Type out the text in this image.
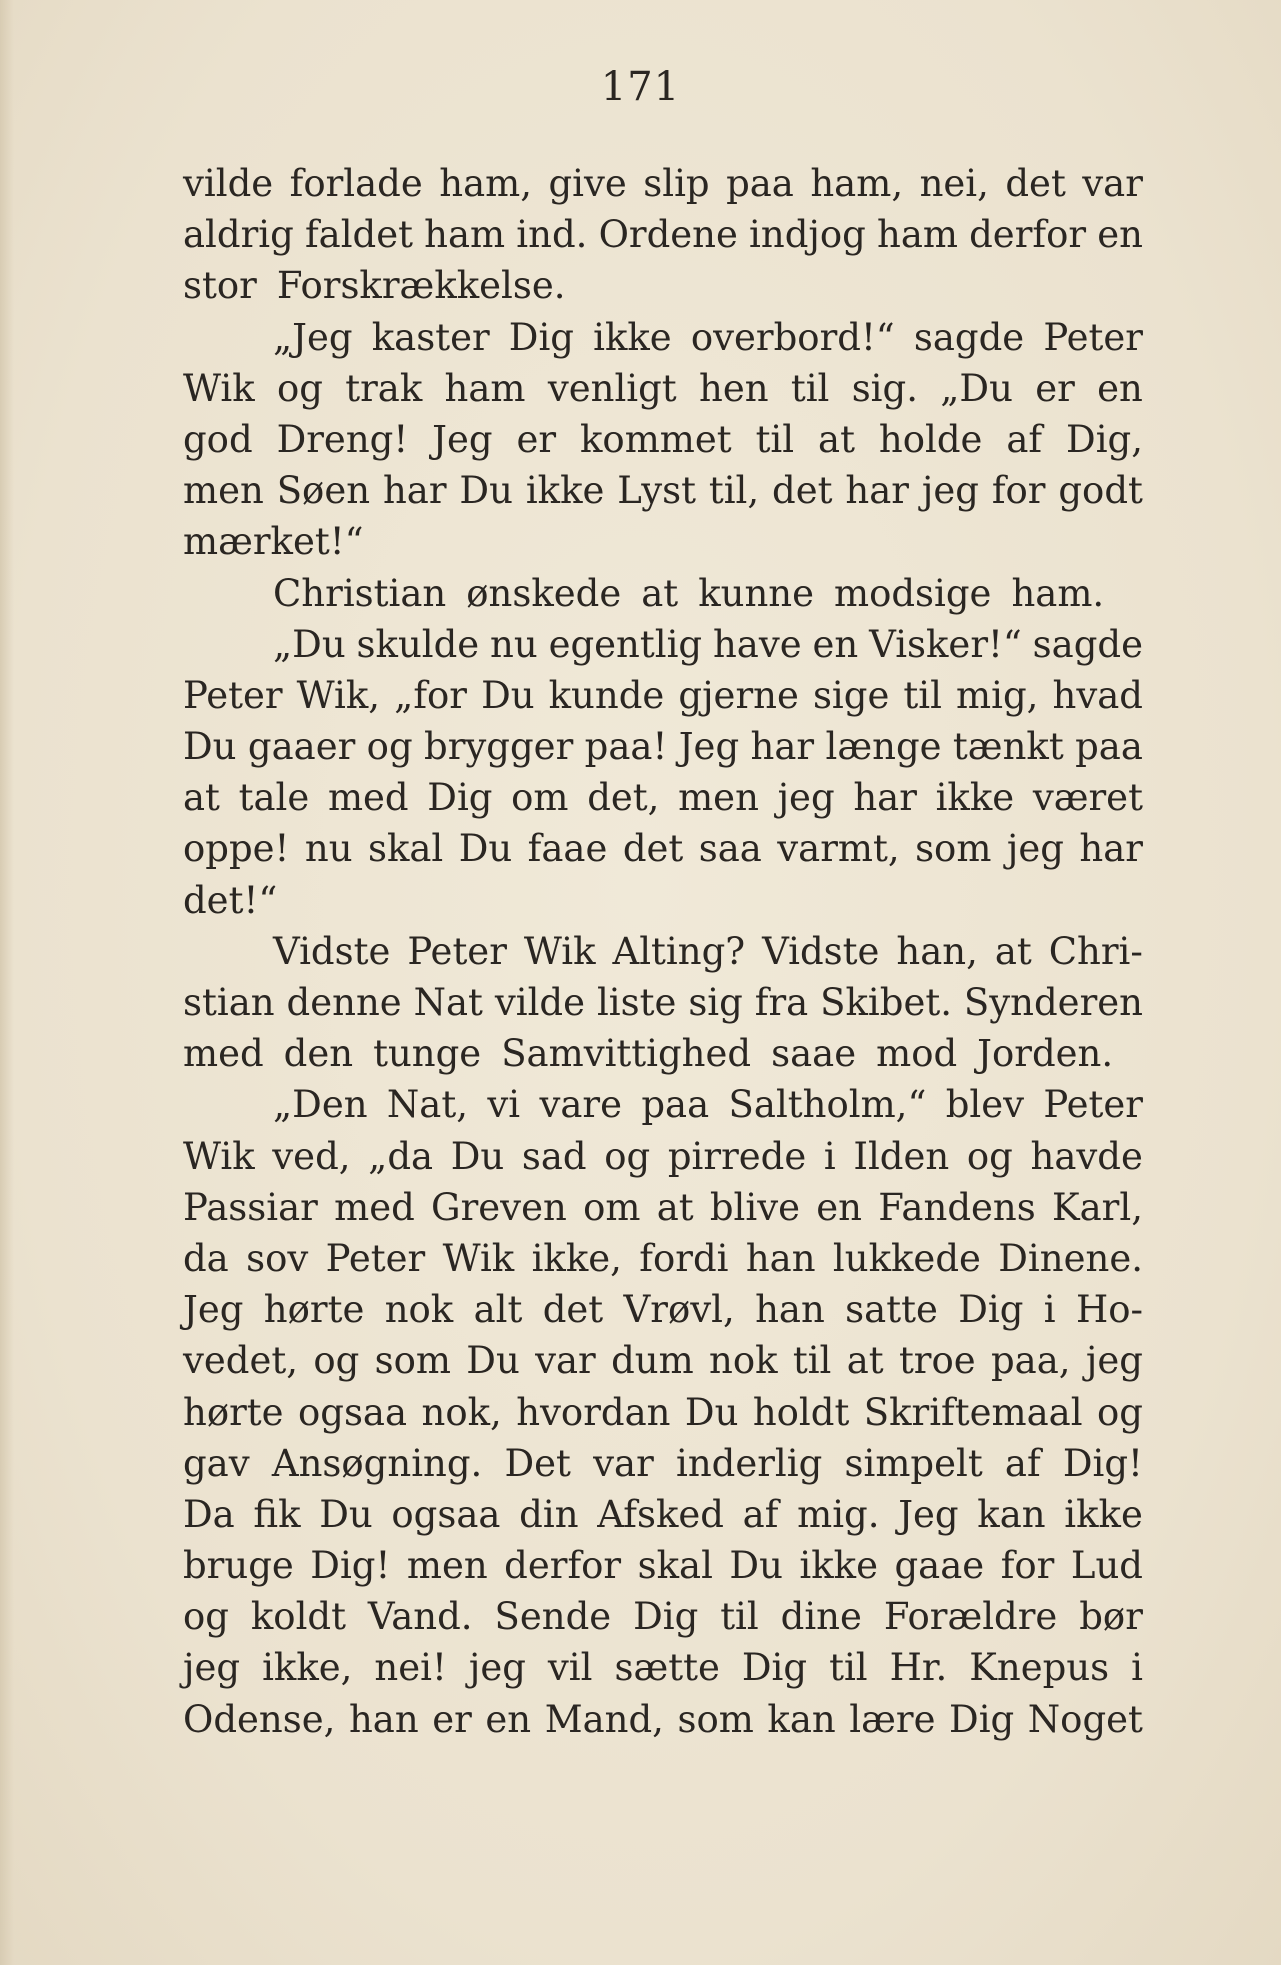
171
vilde forlade ham, give slip paa ham, nei, det var
aldrig faldet ham ind. Ordene indjog ham derfor en
stor Forskrækkelse.
„Jeg kaster Dig ikke overbord!“ sagde Peter
Wik og trak ham venligt hen til sig. „Du er en
god Dreng! Jeg er kommet til at holde af Dig,
men Søen har Du ikke Lyst til, det har jeg for godt
mærket!“
Christian ønskede at kunne modsige ham.
„Du skulde nu egentlig have en Visker!“ sagde
Peter Wik, „for Du kunde gjerne sige til mig, hvad
Du gaaer og brygger paa! Jeg har længe tænkt paa
at tale med Dig om det, men jeg har ikke været
oppe! nu skal Du faae det saa varmt, som jeg har
det!“
Vidste Peter Wik Alting? Vidste han, at Chri-
stian denne Nat vilde liste sig fra Skibet. Synderen
med den tunge Samvittighed saae mod Jorden.
„Den Nat, vi vare paa Saltholm,“ blev Peter
Wik ved, „da Du sad og pirrede i Ilden og havde
Passiar med Greven om at blive en Fandens Karl,
da sov Peter Wik ikke, fordi han lukkede Dinene.
Jeg hørte nok alt det Vrøvl, han satte Dig i Ho-
vedet, og som Du var dum nok til at troe paa, jeg
hørte ogsaa nok, hvordan Du holdt Skriftemaal og
gav Ansøgning. Det var inderlig simpelt af Dig!
Da fik Du ogsaa din Afsked af mig. Jeg kan ikke
bruge Dig! men derfor skal Du ikke gaae for Lud
og koldt Vand. Sende Dig til dine Forældre bør
jeg ikke, nei! jeg vil sætte Dig til Hr. Knepus i
Odense, han er en Mand, som kan lære Dig Noget
